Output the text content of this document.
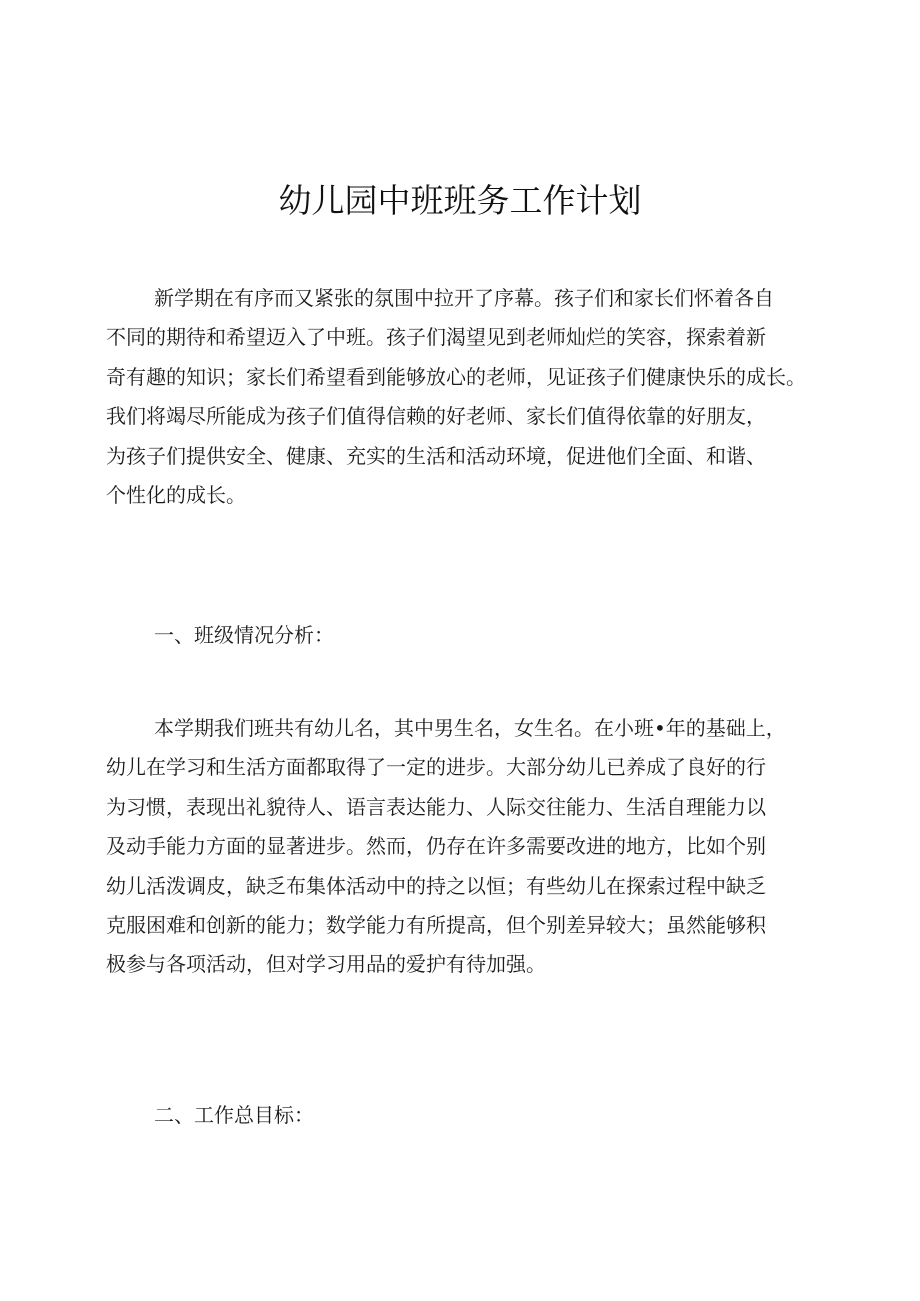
幼儿园中班班务工作计划
新学期在有序而又紧张的氛围中拉开了序幕。孩子们和家长们怀着各自
不同的期待和希望迈入了中班。孩子们渴望见到老师灿烂的笑容，探索着新
奇有趣的知识；家长们希望看到能够放心的老师，见证孩子们健康快乐的成长。
我们将竭尽所能成为孩子们值得信赖的好老师、家长们值得依靠的好朋友，
为孩子们提供安全、健康、充实的生活和活动环境，促进他们全面、和谐、
个性化的成长。
一、班级情况分析：
本学期我们班共有幼儿名，其中男生名，女生名。在小班•年的基础上，
幼儿在学习和生活方面都取得了一定的进步。大部分幼儿已养成了良好的行
为习惯，表现出礼貌待人、语言表达能力、人际交往能力、生活自理能力以
及动手能力方面的显著进步。然而，仍存在许多需要改进的地方，比如个别
幼儿活泼调皮，缺乏布集体活动中的持之以恒；有些幼儿在探索过程中缺乏
克服困难和创新的能力；数学能力有所提高，但个别差异较大；虽然能够积
极参与各项活动，但对学习用品的爱护有待加强。
二、工作总目标：
